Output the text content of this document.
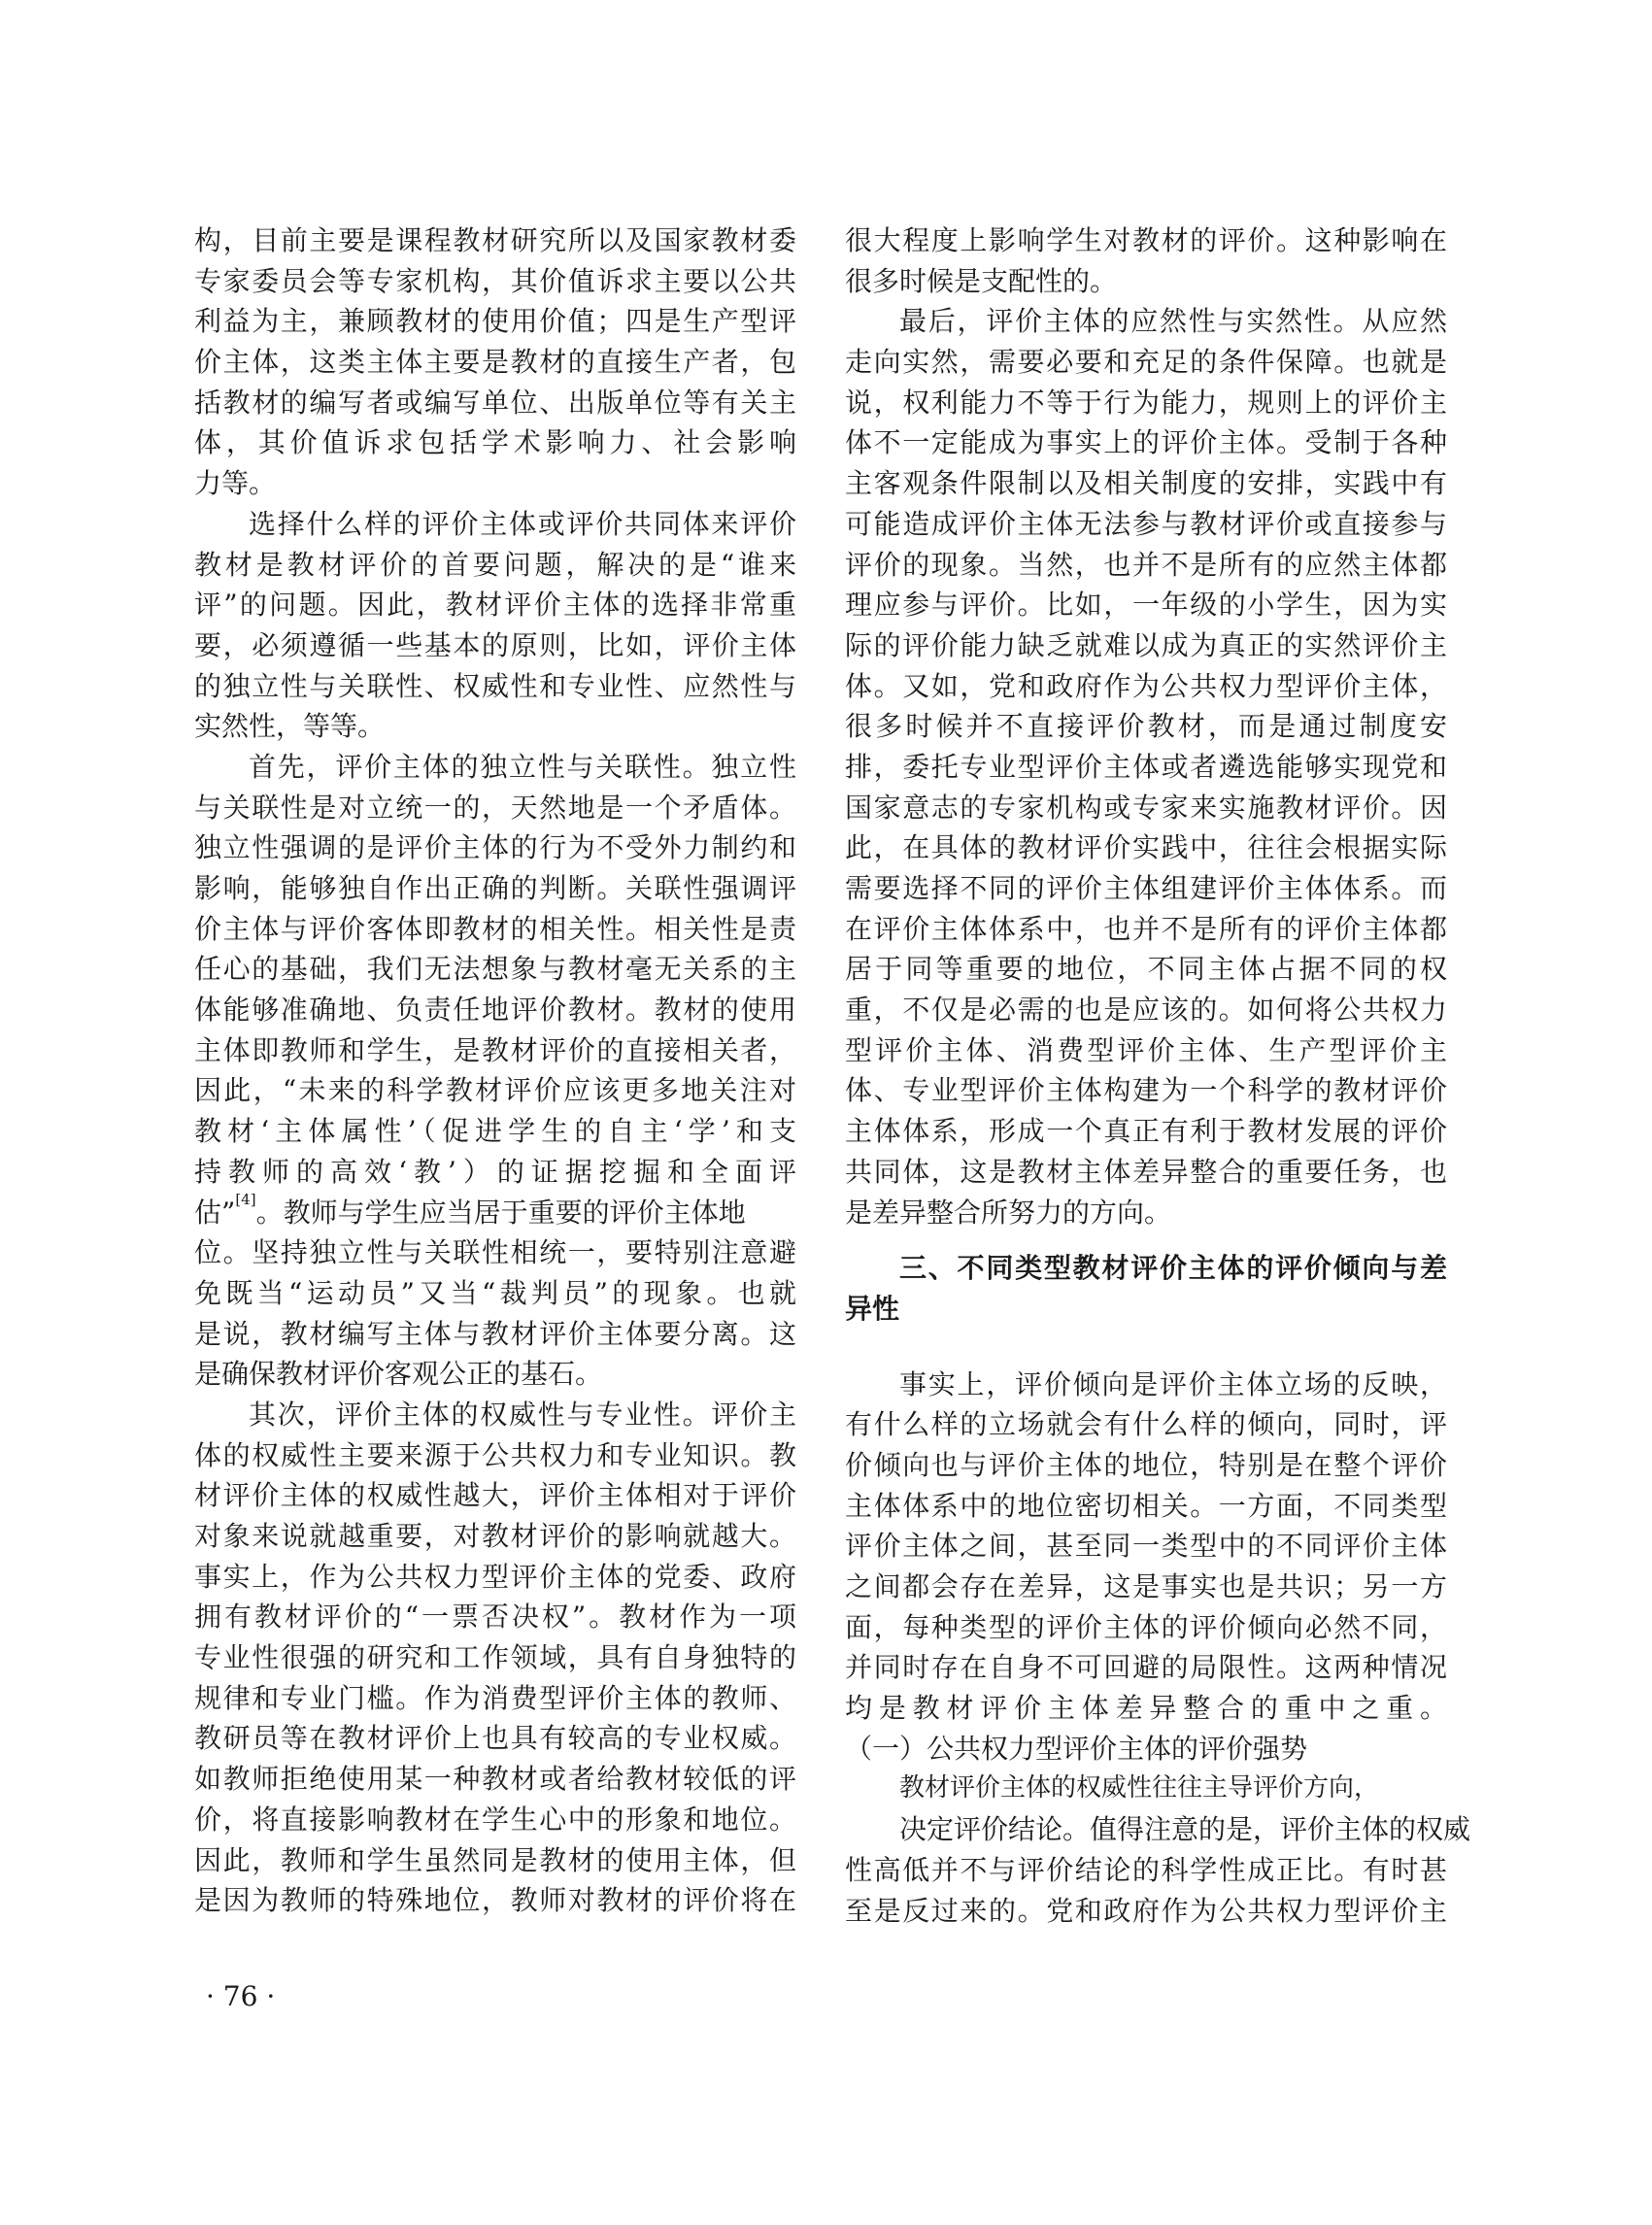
构，目前主要是课程教材研究所以及国家教材委
专家委员会等专家机构，其价值诉求主要以公共
利益为主，兼顾教材的使用价值；四是生产型评
价主体，这类主体主要是教材的直接生产者，包
括教材的编写者或编写单位、出版单位等有关主
体，其价值诉求包括学术影响力、社会影响
力等。
选择什么样的评价主体或评价共同体来评价
教材是教材评价的首要问题，解决的是“谁来
评”的问题。因此，教材评价主体的选择非常重
要，必须遵循一些基本的原则，比如，评价主体
的独立性与关联性、权威性和专业性、应然性与
实然性，等等。
首先，评价主体的独立性与关联性。独立性
与关联性是对立统一的，天然地是一个矛盾体。
独立性强调的是评价主体的行为不受外力制约和
影响，能够独自作出正确的判断。关联性强调评
价主体与评价客体即教材的相关性。相关性是责
任心的基础，我们无法想象与教材毫无关系的主
体能够准确地、负责任地评价教材。教材的使用
主体即教师和学生，是教材评价的直接相关者，
因此，“未来的科学教材评价应该更多地关注对
教材‘主体属性’（促进学生的自主‘学’和支
持教师的高效‘教’）的证据挖掘和全面评
估”[4]。教师与学生应当居于重要的评价主体地
位。坚持独立性与关联性相统一，要特别注意避
免既当“运动员”又当“裁判员”的现象。也就
是说，教材编写主体与教材评价主体要分离。这
是确保教材评价客观公正的基石。
其次，评价主体的权威性与专业性。评价主
体的权威性主要来源于公共权力和专业知识。教
材评价主体的权威性越大，评价主体相对于评价
对象来说就越重要，对教材评价的影响就越大。
事实上，作为公共权力型评价主体的党委、政府
拥有教材评价的“一票否决权”。教材作为一项
专业性很强的研究和工作领域，具有自身独特的
规律和专业门槛。作为消费型评价主体的教师、
教研员等在教材评价上也具有较高的专业权威。
如教师拒绝使用某一种教材或者给教材较低的评
价，将直接影响教材在学生心中的形象和地位。
因此，教师和学生虽然同是教材的使用主体，但
是因为教师的特殊地位，教师对教材的评价将在
很大程度上影响学生对教材的评价。这种影响在
很多时候是支配性的。
最后，评价主体的应然性与实然性。从应然
走向实然，需要必要和充足的条件保障。也就是
说，权利能力不等于行为能力，规则上的评价主
体不一定能成为事实上的评价主体。受制于各种
主客观条件限制以及相关制度的安排，实践中有
可能造成评价主体无法参与教材评价或直接参与
评价的现象。当然，也并不是所有的应然主体都
理应参与评价。比如，一年级的小学生，因为实
际的评价能力缺乏就难以成为真正的实然评价主
体。又如，党和政府作为公共权力型评价主体，
很多时候并不直接评价教材，而是通过制度安
排，委托专业型评价主体或者遴选能够实现党和
国家意志的专家机构或专家来实施教材评价。因
此，在具体的教材评价实践中，往往会根据实际
需要选择不同的评价主体组建评价主体体系。而
在评价主体体系中，也并不是所有的评价主体都
居于同等重要的地位，不同主体占据不同的权
重，不仅是必需的也是应该的。如何将公共权力
型评价主体、消费型评价主体、生产型评价主
体、专业型评价主体构建为一个科学的教材评价
主体体系，形成一个真正有利于教材发展的评价
共同体，这是教材主体差异整合的重要任务，也
是差异整合所努力的方向。
三、不同类型教材评价主体的评价倾向与差
异性
事实上，评价倾向是评价主体立场的反映，
有什么样的立场就会有什么样的倾向，同时，评
价倾向也与评价主体的地位，特别是在整个评价
主体体系中的地位密切相关。一方面，不同类型
评价主体之间，甚至同一类型中的不同评价主体
之间都会存在差异，这是事实也是共识；另一方
面，每种类型的评价主体的评价倾向必然不同，
并同时存在自身不可回避的局限性。这两种情况
均是教材评价主体差异整合的重中之重。
（一）公共权力型评价主体的评价强势
教材评价主体的权威性往往主导评价方向，
决定评价结论。值得注意的是，评价主体的权威
性高低并不与评价结论的科学性成正比。有时甚
至是反过来的。党和政府作为公共权力型评价主
· 76 ·
